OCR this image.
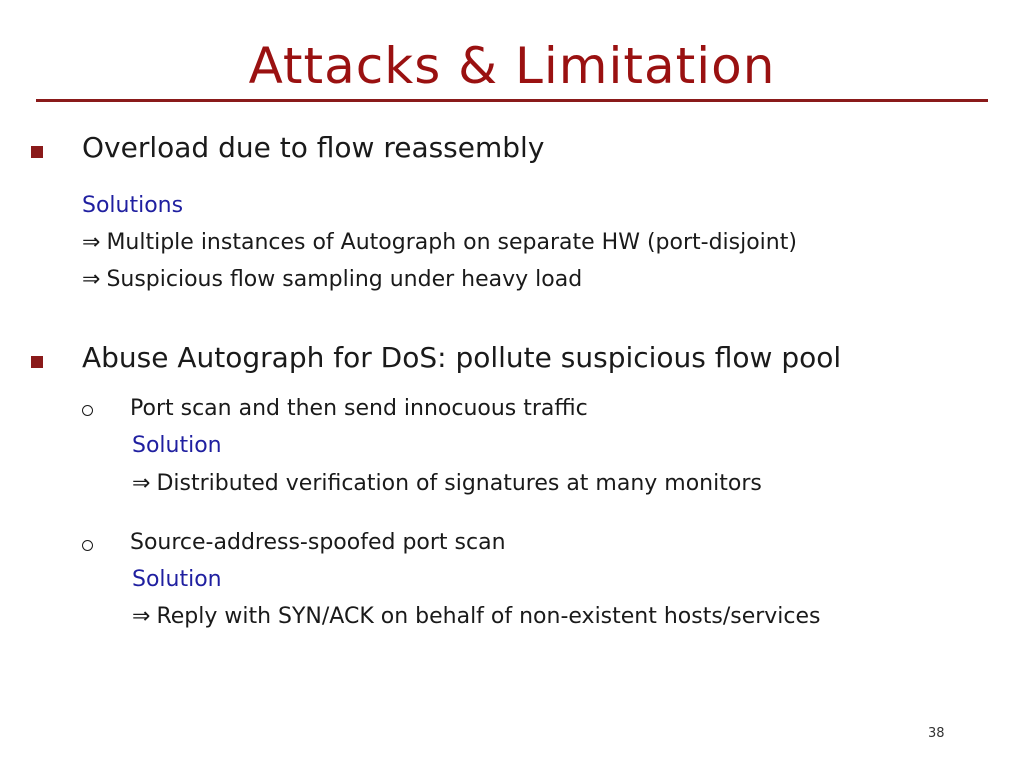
Attacks & Limitation
Overload due to flow reassembly
Solutions
⇒ Multiple instances of Autograph on separate HW (port-disjoint)
⇒ Suspicious flow sampling under heavy load
Abuse Autograph for DoS: pollute suspicious flow pool
Port scan and then send innocuous traffic
Solution
⇒ Distributed verification of signatures at many monitors
Source-address-spoofed port scan
Solution
⇒ Reply with SYN/ACK on behalf of non-existent hosts/services
38
